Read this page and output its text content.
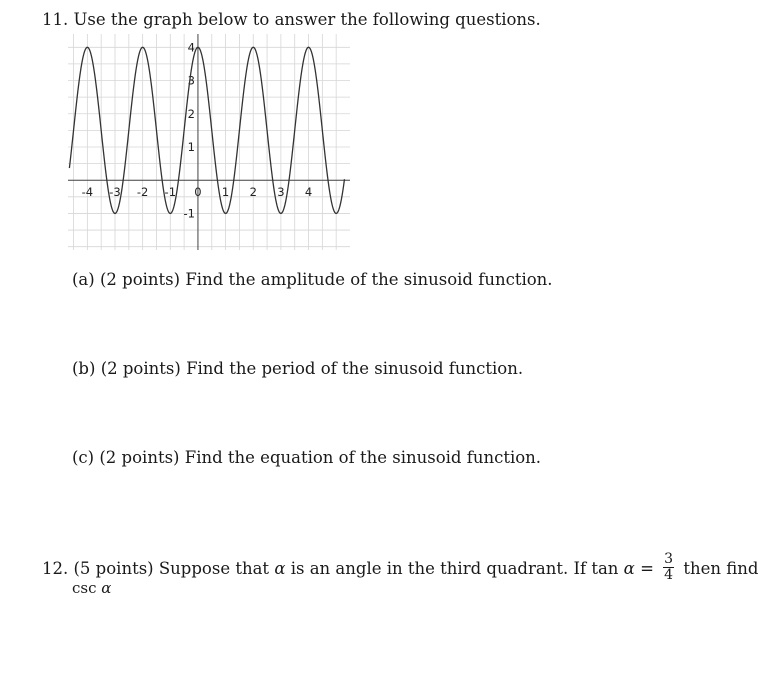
11. Use the graph below to answer the following questions.
-4 -3 -2 -1 0 1 2 3 4
4
3
2
1
-1
(a) (2 points) Find the amplitude of the sinusoid function.
(b) (2 points) Find the period of the sinusoid function.
(c) (2 points) Find the equation of the sinusoid function.
12. (5 points) Suppose that α is an angle in the third quadrant. If $\tan \alpha = \frac{3}{4}$ then find
csc α
